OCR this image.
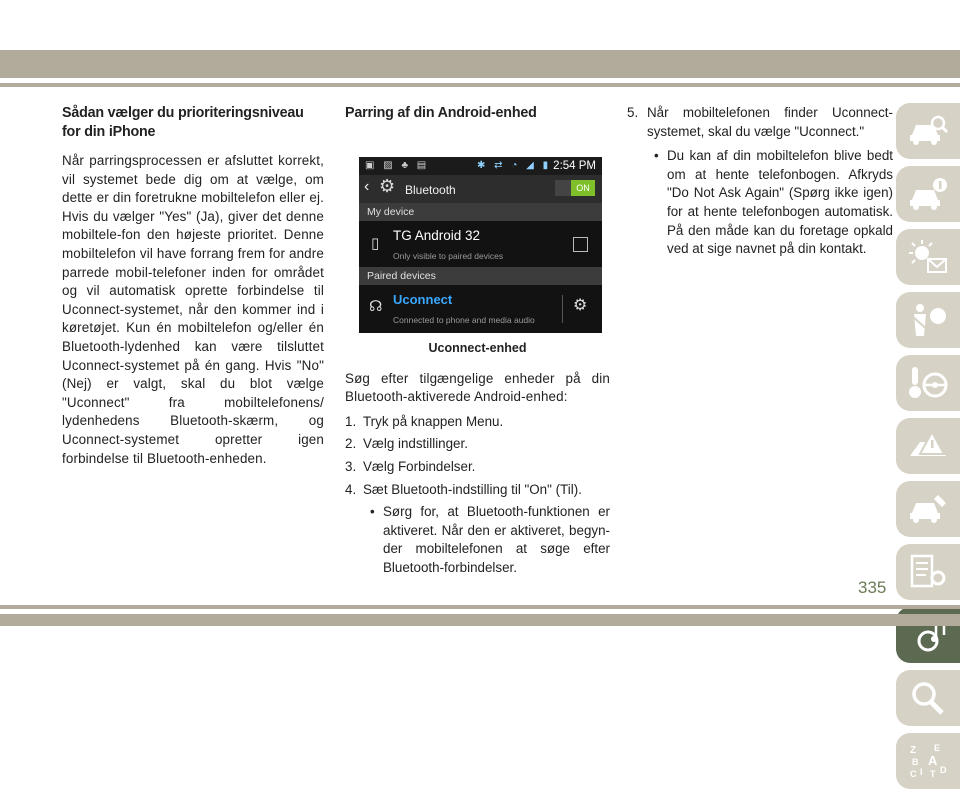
Sådan vælger du prioriteringsniveau for din iPhone

Når parringsprocessen er afsluttet korrekt, vil systemet bede dig om at vælge, om dette er din foretrukne mobiltelefon eller ej. Hvis du vælger "Yes" (Ja), giver det denne mobiltele-fon den højeste prioritet. Denne mobiltelefon vil have forrang frem for andre parrede mobil-telefoner inden for området og vil automatisk oprette forbindelse til Uconnect-systemet, når den kommer ind i køretøjet. Kun én mobiltelefon og/eller én Bluetooth-lydenhed kan være tilsluttet Uconnect-systemet på én gang. Hvis "No" (Nej) er valgt, skal du blot vælge "Uconnect" fra mobiltelefonens/ lydenhedens Bluetooth-skærm, og Uconnect-systemet opretter igen forbindelse til Bluetooth-enheden.

Parring af din Android-enhed
▣ ▨ ♣ ▤	✱ ⇄ ◔ ◢ ▮ 2:54 PM
‹ ⚙ Bluetooth	ON
My device
▯ TG Android 32
Only visible to paired devices
Paired devices
☊ Uconnect
Connected to phone and media audio
⚙
Uconnect-enhed

Søg efter tilgængelige enheder på din Bluetooth-aktiverede Android-enhed:

1. Tryk på knappen Menu.
2. Vælg indstillinger.
3. Vælg Forbindelser.
4. Sæt Bluetooth-indstilling til "On" (Til).
• Sørg for, at Bluetooth-funktionen er aktiveret. Når den er aktiveret, begyn-der mobiltelefonen at søge efter Bluetooth-forbindelser.
5. Når mobiltelefonen finder Uconnect-systemet, skal du vælge "Uconnect."
• Du kan af din mobiltelefon blive bedt om at hente telefonbogen. Afkryds "Do Not Ask Again" (Spørg ikke igen) for at hente telefonbogen automatisk. På den måde kan du foretage opkald ved at sige navnet på din kontakt.
Z E
B A
I
C T D
335
